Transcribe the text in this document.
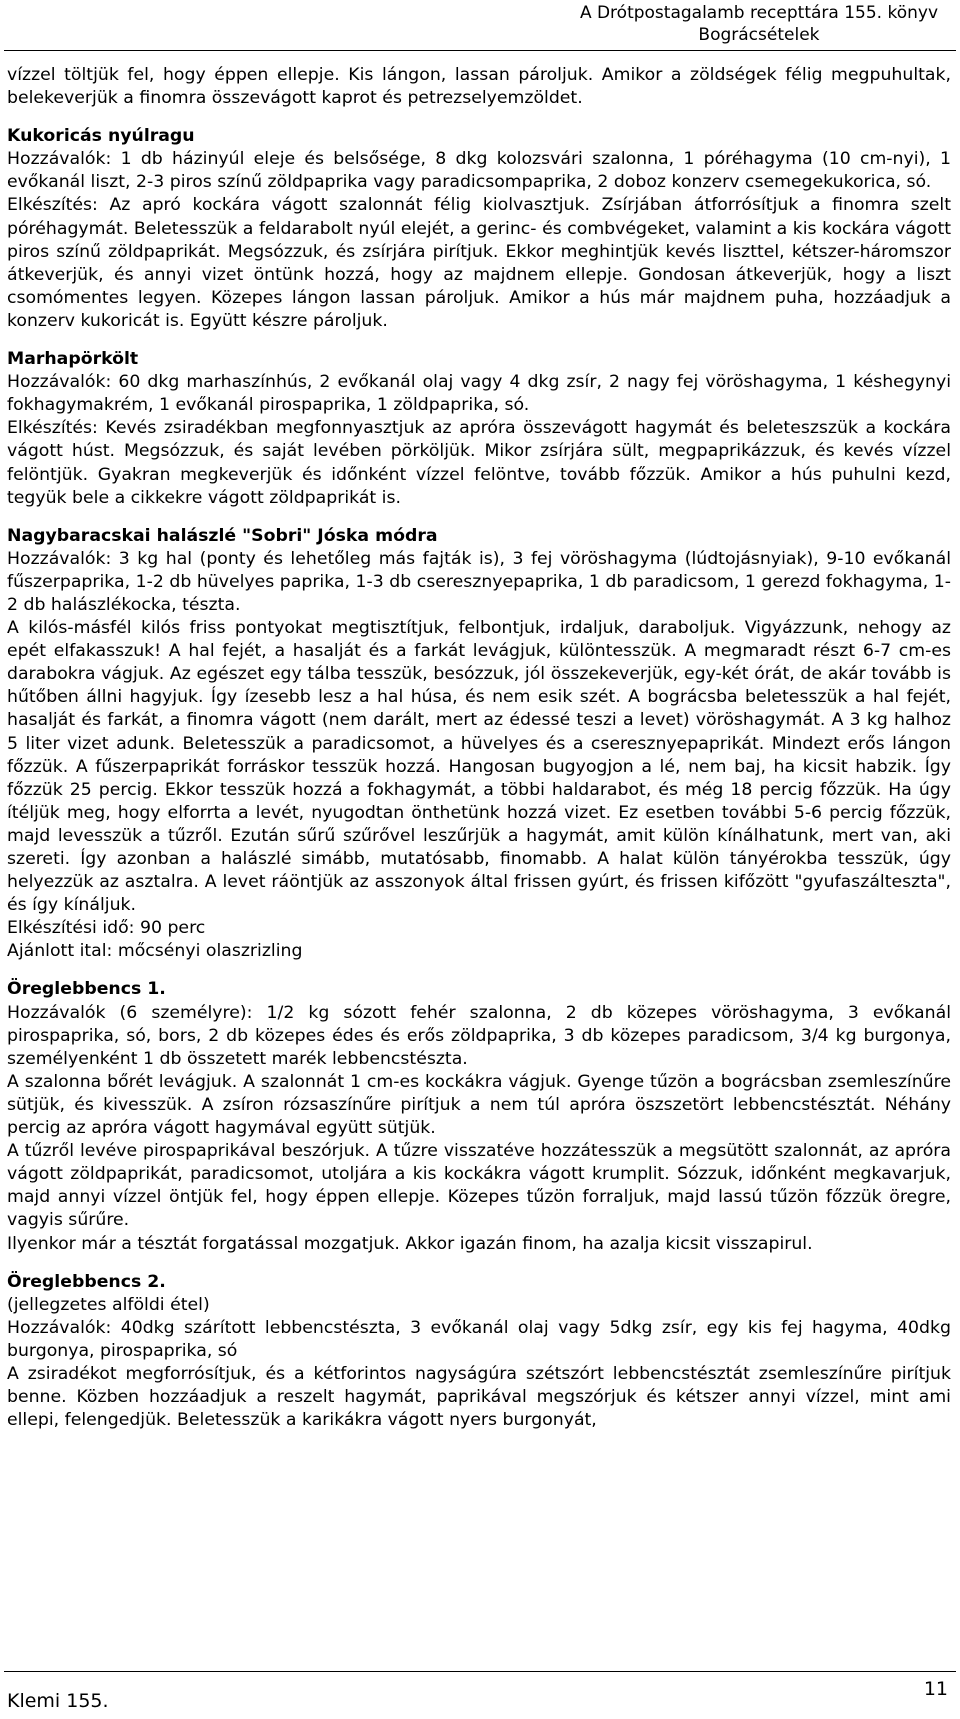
A Drótpostagalamb recepttára 155. könyv
Bográcsételek

vízzel töltjük fel, hogy éppen ellepje. Kis lángon, lassan pároljuk. Amikor a zöldségek félig megpuhultak, belekeverjük a finomra összevágott kaprot és petrezselyemzöldet.

Kukoricás nyúlragu

Hozzávalók: 1 db házinyúl eleje és belsősége, 8 dkg kolozsvári szalonna, 1 póréhagyma (10 cm-nyi), 1 evőkanál liszt, 2-3 piros színű zöldpaprika vagy paradicsompaprika, 2 doboz konzerv csemegekukorica, só.

Elkészítés: Az apró kockára vágott szalonnát félig kiolvasztjuk. Zsírjában átforrósítjuk a finomra szelt póréhagymát. Beletesszük a feldarabolt nyúl elejét, a gerinc- és combvégeket, valamint a kis kockára vágott piros színű zöldpaprikát. Megsózzuk, és zsírjára pirítjuk. Ekkor meghintjük kevés liszttel, kétszer-háromszor átkeverjük, és annyi vizet öntünk hozzá, hogy az majdnem ellepje. Gondosan átkeverjük, hogy a liszt csomómentes legyen. Közepes lángon lassan pároljuk. Amikor a hús már majdnem puha, hozzáadjuk a konzerv kukoricát is. Együtt készre pároljuk.

Marhapörkölt

Hozzávalók: 60 dkg marhaszínhús, 2 evőkanál olaj vagy 4 dkg zsír, 2 nagy fej vöröshagyma, 1 késhegynyi fokhagymakrém, 1 evőkanál pirospaprika, 1 zöldpaprika, só.

Elkészítés: Kevés zsiradékban megfonnyasztjuk az apróra összevágott hagymát és beleteszszük a kockára vágott húst. Megsózzuk, és saját levében pörköljük. Mikor zsírjára sült, megpaprikázzuk, és kevés vízzel felöntjük. Gyakran megkeverjük és időnként vízzel felöntve, tovább főzzük. Amikor a hús puhulni kezd, tegyük bele a cikkekre vágott zöldpaprikát is.

Nagybaracskai halászlé "Sobri" Jóska módra

Hozzávalók: 3 kg hal (ponty és lehetőleg más fajták is), 3 fej vöröshagyma (lúdtojásnyiak), 9-10 evőkanál fűszerpaprika, 1-2 db hüvelyes paprika, 1-3 db cseresznyepaprika, 1 db paradicsom, 1 gerezd fokhagyma, 1-2 db halászlékocka, tészta.

A kilós-másfél kilós friss pontyokat megtisztítjuk, felbontjuk, irdaljuk, daraboljuk. Vigyázzunk, nehogy az epét elfakasszuk! A hal fejét, a hasalját és a farkát levágjuk, különtesszük. A megmaradt részt 6-7 cm-es darabokra vágjuk. Az egészet egy tálba tesszük, besózzuk, jól összekeverjük, egy-két órát, de akár tovább is hűtőben állni hagyjuk. Így ízesebb lesz a hal húsa, és nem esik szét. A bográcsba beletesszük a hal fejét, hasalját és farkát, a finomra vágott (nem darált, mert az édessé teszi a levet) vöröshagymát. A 3 kg halhoz 5 liter vizet adunk. Beletesszük a paradicsomot, a hüvelyes és a cseresznyepaprikát. Mindezt erős lángon főzzük. A fűszerpaprikát forráskor tesszük hozzá. Hangosan bugyogjon a lé, nem baj, ha kicsit habzik. Így főzzük 25 percig. Ekkor tesszük hozzá a fokhagymát, a többi haldarabot, és még 18 percig főzzük. Ha úgy ítéljük meg, hogy elforrta a levét, nyugodtan önthetünk hozzá vizet. Ez esetben további 5-6 percig főzzük, majd levesszük a tűzről. Ezután sűrű szűrővel leszűrjük a hagymát, amit külön kínálhatunk, mert van, aki szereti. Így azonban a halászlé simább, mutatósabb, finomabb. A halat külön tányérokba tesszük, úgy helyezzük az asztalra. A levet ráöntjük az asszonyok által frissen gyúrt, és frissen kifőzött "gyufaszálteszta", és így kínáljuk.

Elkészítési idő: 90 perc

Ajánlott ital: mőcsényi olaszrizling

Öreglebbencs 1.

Hozzávalók (6 személyre): 1/2 kg sózott fehér szalonna, 2 db közepes vöröshagyma, 3 evőkanál pirospaprika, só, bors, 2 db közepes édes és erős zöldpaprika, 3 db közepes paradicsom, 3/4 kg burgonya, személyenként 1 db összetett marék lebbencstészta.

A szalonna bőrét levágjuk. A szalonnát 1 cm-es kockákra vágjuk. Gyenge tűzön a bográcsban zsemleszínűre sütjük, és kivesszük. A zsíron rózsaszínűre pirítjuk a nem túl apróra öszszetört lebbencstésztát. Néhány percig az apróra vágott hagymával együtt sütjük.

A tűzről levéve pirospaprikával beszórjuk. A tűzre visszatéve hozzátesszük a megsütött szalonnát, az apróra vágott zöldpaprikát, paradicsomot, utoljára a kis kockákra vágott krumplit. Sózzuk, időnként megkavarjuk, majd annyi vízzel öntjük fel, hogy éppen ellepje. Közepes tűzön forraljuk, majd lassú tűzön főzzük öregre, vagyis sűrűre.

Ilyenkor már a tésztát forgatással mozgatjuk. Akkor igazán finom, ha azalja kicsit visszapirul.

Öreglebbencs 2.

(jellegzetes alföldi étel)

Hozzávalók: 40dkg szárított lebbencstészta, 3 evőkanál olaj vagy 5dkg zsír, egy kis fej hagyma, 40dkg burgonya, pirospaprika, só

A zsiradékot megforrósítjuk, és a kétforintos nagyságúra szétszórt lebbencstésztát zsemleszínűre pirítjuk benne. Közben hozzáadjuk a reszelt hagymát, paprikával megszórjuk és kétszer annyi vízzel, mint ami ellepi, felengedjük. Beletesszük a karikákra vágott nyers burgonyát,

Klemi 155.
11
